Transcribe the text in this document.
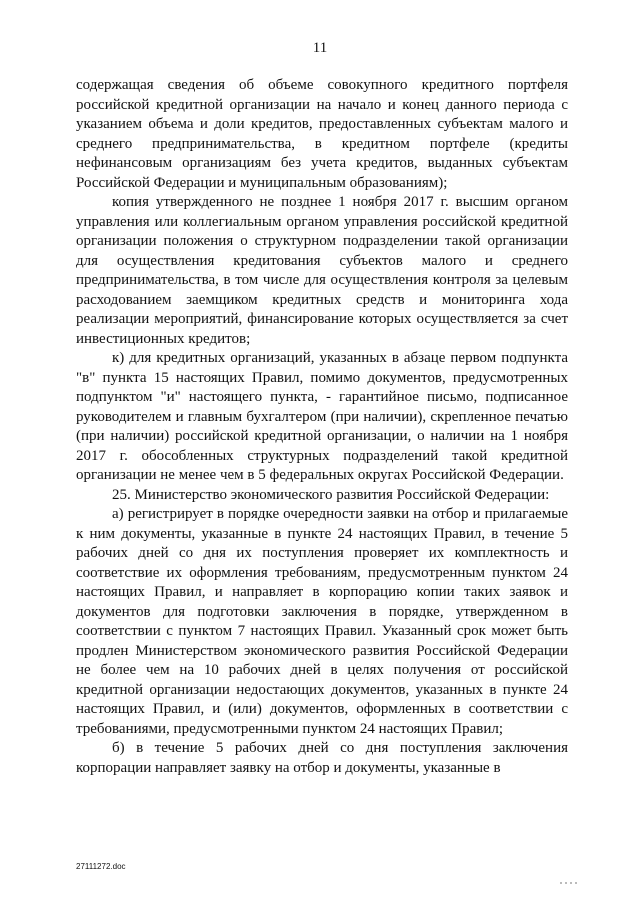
11

содержащая сведения об объеме совокупного кредитного портфеля российской кредитной организации на начало и конец данного периода с указанием объема и доли кредитов, предоставленных субъектам малого и среднего предпринимательства, в кредитном портфеле (кредиты нефинансовым организациям без учета кредитов, выданных субъектам Российской Федерации и муниципальным образованиям);

копия утвержденного не позднее 1 ноября 2017 г. высшим органом управления или коллегиальным органом управления российской кредитной организации положения о структурном подразделении такой организации для осуществления кредитования субъектов малого и среднего предпринимательства, в том числе для осуществления контроля за целевым расходованием заемщиком кредитных средств и мониторинга хода реализации мероприятий, финансирование которых осуществляется за счет инвестиционных кредитов;

к) для кредитных организаций, указанных в абзаце первом подпункта "в" пункта 15 настоящих Правил, помимо документов, предусмотренных подпунктом "и" настоящего пункта, - гарантийное письмо, подписанное руководителем и главным бухгалтером (при наличии), скрепленное печатью (при наличии) российской кредитной организации, о наличии на 1 ноября 2017 г. обособленных структурных подразделений такой кредитной организации не менее чем в 5 федеральных округах Российской Федерации.

25. Министерство экономического развития Российской Федерации:

а) регистрирует в порядке очередности заявки на отбор и прилагаемые к ним документы, указанные в пункте 24 настоящих Правил, в течение 5 рабочих дней со дня их поступления проверяет их комплектность и соответствие их оформления требованиям, предусмотренным пунктом 24 настоящих Правил, и направляет в корпорацию копии таких заявок и документов для подготовки заключения в порядке, утвержденном в соответствии с пунктом 7 настоящих Правил. Указанный срок может быть продлен Министерством экономического развития Российской Федерации не более чем на 10 рабочих дней в целях получения от российской кредитной организации недостающих документов, указанных в пункте 24 настоящих Правил, и (или) документов, оформленных в соответствии с требованиями, предусмотренными пунктом 24 настоящих Правил;

б) в течение 5 рабочих дней со дня поступления заключения корпорации направляет заявку на отбор и документы, указанные в

27111272.doc
